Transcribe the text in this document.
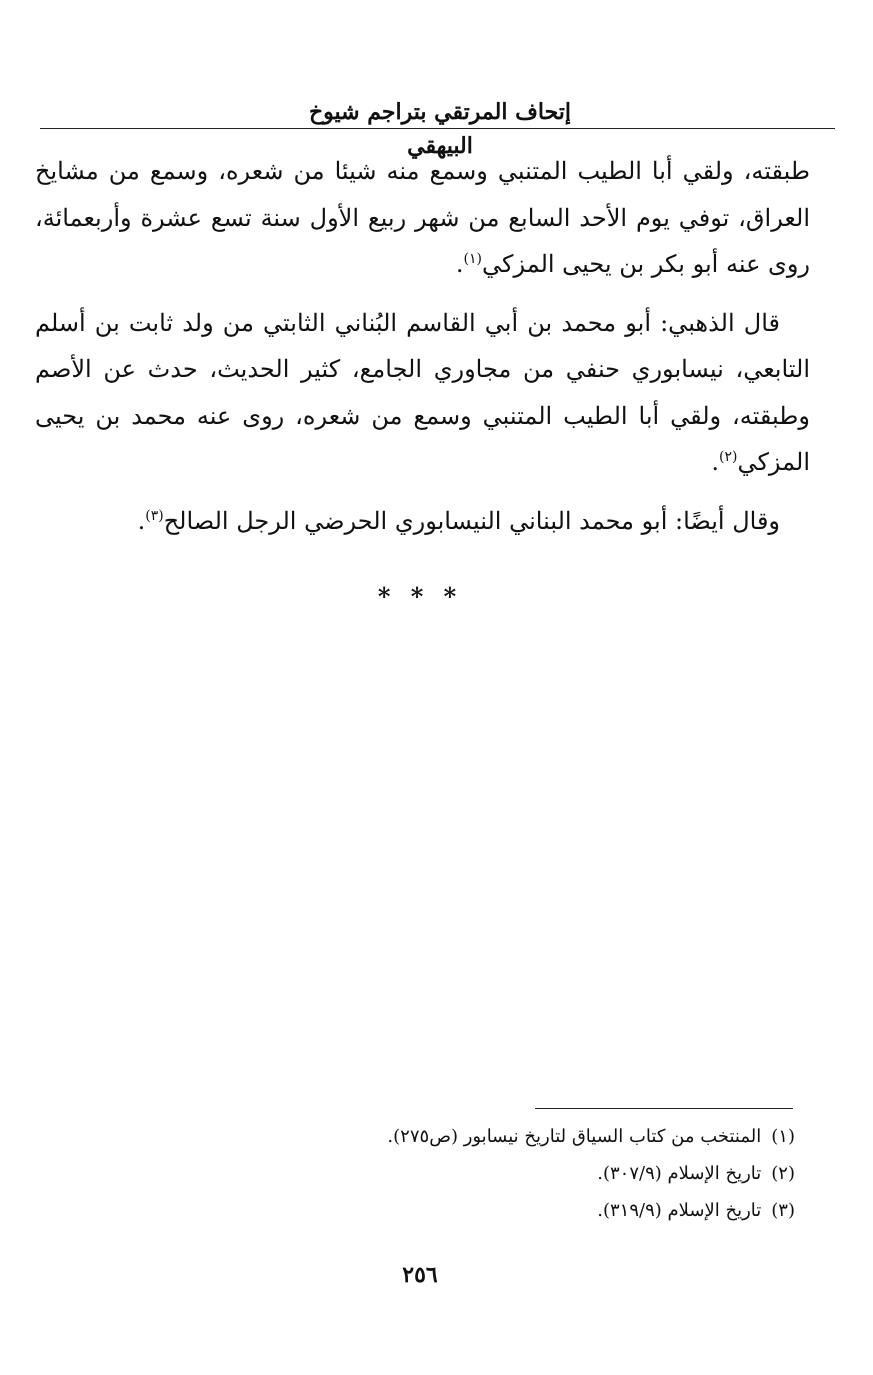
إتحاف المرتقي بتراجم شيوخ البيهقي

طبقته، ولقي أبا الطيب المتنبي وسمع منه شيئا من شعره، وسمع من مشايخ العراق، توفي يوم الأحد السابع من شهر ربيع الأول سنة تسع عشرة وأربعمائة، روى عنه أبو بكر بن يحيى المزكي$^{(١)}$.

قال الذهبي: أبو محمد بن أبي القاسم البُناني الثابتي من ولد ثابت بن أسلم التابعي، نيسابوري حنفي من مجاوري الجامع، كثير الحديث، حدث عن الأصم وطبقته، ولقي أبا الطيب المتنبي وسمع من شعره، روى عنه محمد بن يحيى المزكي$^{(٢)}$.

وقال أيضًا: أبو محمد البناني النيسابوري الحرضي الرجل الصالح$^{(٣)}$.

* * *

(١)المنتخب من كتاب السياق لتاريخ نيسابور (ص٢٧٥).

(٢)تاريخ الإسلام (٣٠٧/٩).

(٣)تاريخ الإسلام (٣١٩/٩).

٢٥٦
